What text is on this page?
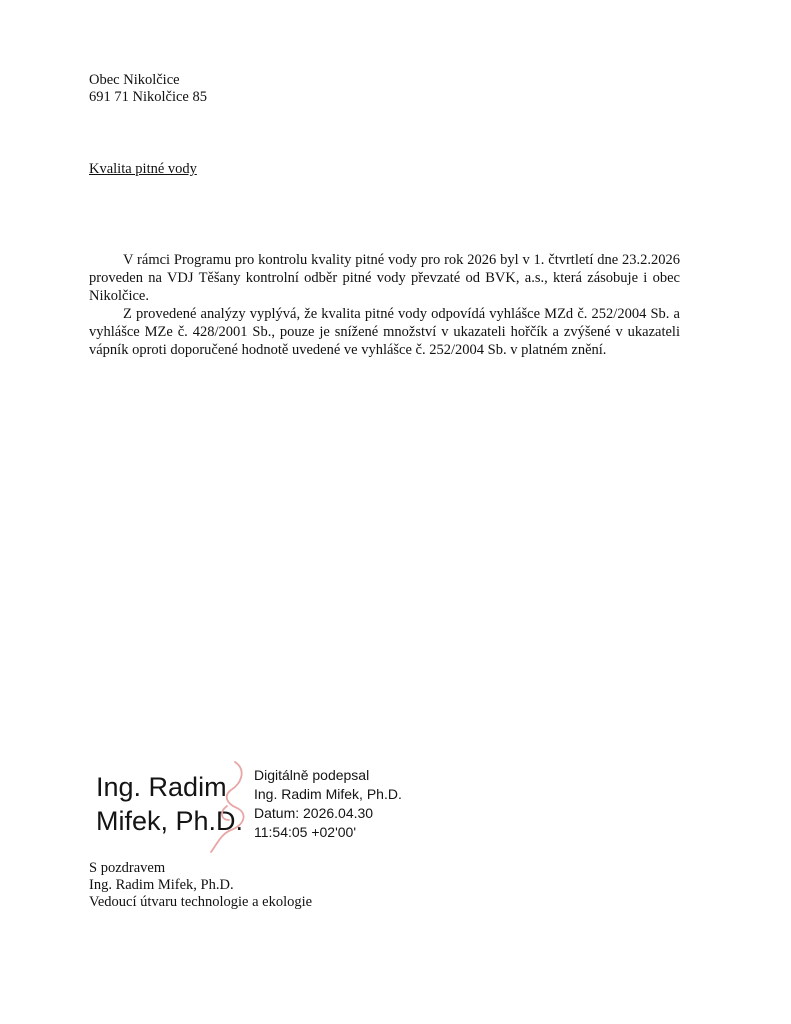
Obec Nikolčice
691 71 Nikolčice 85
Kvalita pitné vody

V rámci Programu pro kontrolu kvality pitné vody pro rok 2026 byl v 1. čtvrtletí dne 23.2.2026 proveden na VDJ Těšany kontrolní odběr pitné vody převzaté od BVK, a.s., která zásobuje i obec Nikolčice.

Z provedené analýzy vyplývá, že kvalita pitné vody odpovídá vyhlášce MZd č. 252/2004 Sb. a vyhlášce MZe č. 428/2001 Sb., pouze je snížené množství v ukazateli hořčík a zvýšené v ukazateli vápník oproti doporučené hodnotě uvedené ve vyhlášce č. 252/2004 Sb. v platném znění.

Ing. Radim
Mifek, Ph.D.
Digitálně podepsal
Ing. Radim Mifek, Ph.D.
Datum: 2026.04.30
11:54:05 +02'00'
S pozdravem
Ing. Radim Mifek, Ph.D.
Vedoucí útvaru technologie a ekologie
